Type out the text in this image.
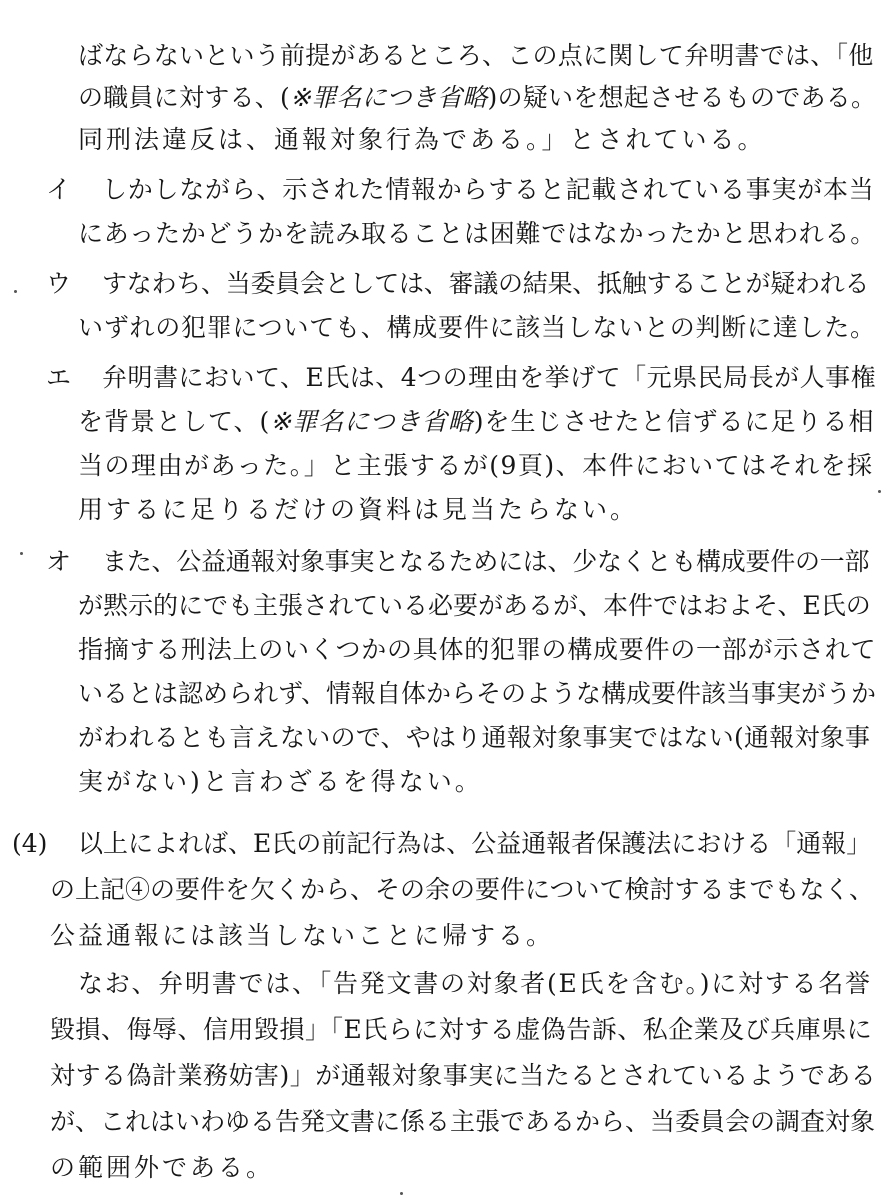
ばならないという前提があるところ、この点に関して弁明書では、「他
の職員に対する、(※罪名につき省略)の疑いを想起させるものである。
同刑法違反は、通報対象行為である。」とされている。
イ しかしながら、示された情報からすると記載されている事実が本当
にあったかどうかを読み取ることは困難ではなかったかと思われる。
ウ すなわち、当委員会としては、審議の結果、抵触することが疑われる
いずれの犯罪についても、構成要件に該当しないとの判断に達した。
エ 弁明書において、E氏は、4つの理由を挙げて「元県民局長が人事権
を背景として、(※罪名につき省略)を生じさせたと信ずるに足りる相
当の理由があった。」と主張するが(9頁)、本件においてはそれを採
用するに足りるだけの資料は見当たらない。
オ また、公益通報対象事実となるためには、少なくとも構成要件の一部
が黙示的にでも主張されている必要があるが、本件ではおよそ、E氏の
指摘する刑法上のいくつかの具体的犯罪の構成要件の一部が示されて
いるとは認められず、情報自体からそのような構成要件該当事実がうか
がわれるとも言えないので、やはり通報対象事実ではない(通報対象事
実がない)と言わざるを得ない。
(4) 以上によれば、E氏の前記行為は、公益通報者保護法における「通報」
の上記④の要件を欠くから、その余の要件について検討するまでもなく、
公益通報には該当しないことに帰する。
なお、弁明書では、「告発文書の対象者(E氏を含む。)に対する名誉
毀損、侮辱、信用毀損」「E氏らに対する虚偽告訴、私企業及び兵庫県に
対する偽計業務妨害)」が通報対象事実に当たるとされているようである
が、これはいわゆる告発文書に係る主張であるから、当委員会の調査対象
の範囲外である。
